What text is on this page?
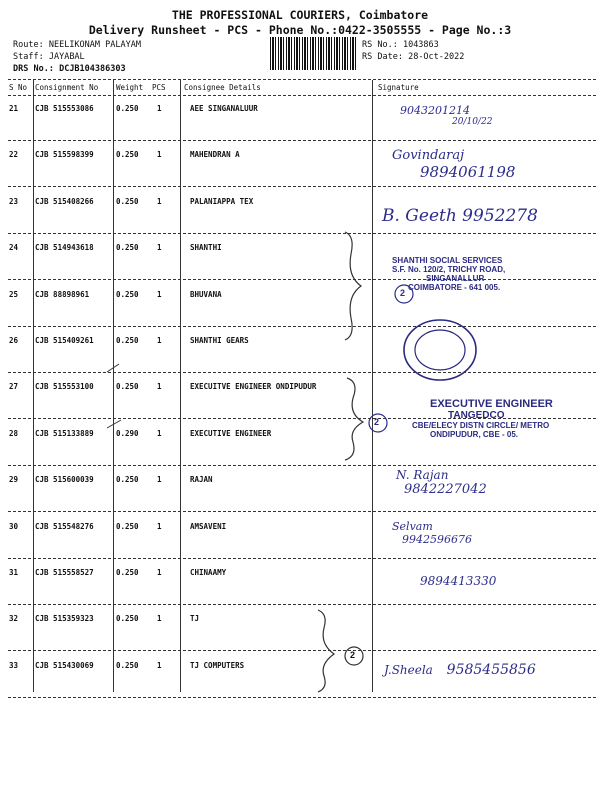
THE PROFESSIONAL COURIERS, Coimbatore
Delivery Runsheet - PCS - Phone No.:0422-3505555 - Page No.:3
Route: NEELIKONAM PALAYAM
Staff: JAYABAL
DRS No.: DCJB104386303
RS No.: 1043863
RS Date: 28-Oct-2022
S No Consignment No Weight PCS Consignee Details	Signature
21 CJB 515553086	0.250 1	AEE SINGANALUUR
22 CJB 515598399	0.250 1	MAHENDRAN A
23 CJB 515408266	0.250 1	PALANIAPPA TEX
24 CJB 514943618	0.250 1	SHANTHI
25 CJB 88898961	0.250 1	BHUVANA
26 CJB 515409261	0.250 1	SHANTHI GEARS
27 CJB 515553100	0.250 1	EXECUITVE ENGINEER ONDIPUDUR
28 CJB 515133889	0.290 1	EXECUTIVE ENGINEER
29 CJB 515600039	0.250 1	RAJAN
30 CJB 515548276	0.250 1	AMSAVENI
31 CJB 515558527	0.250 1	CHINAAMY
32 CJB 515359323	0.250 1	TJ
33 CJB 515430069	0.250 1	TJ COMPUTERS
2
2
2
9043201214
20/10/22
Govindaraj
9894061198
B. Geeth 9952278
SHANTHI SOCIAL SERVICES
S.F. No. 120/2, TRICHY ROAD,
SINGANALLUR
COIMBATORE - 641 005.
EXECUTIVE ENGINEER
TANGEDCO
CBE/ELECY DISTN CIRCLE/ METRO
ONDIPUDUR, CBE - 05.
N. Rajan
9842227042
Selvam
9942596676
9894413330
J.Sheela 9585455856
